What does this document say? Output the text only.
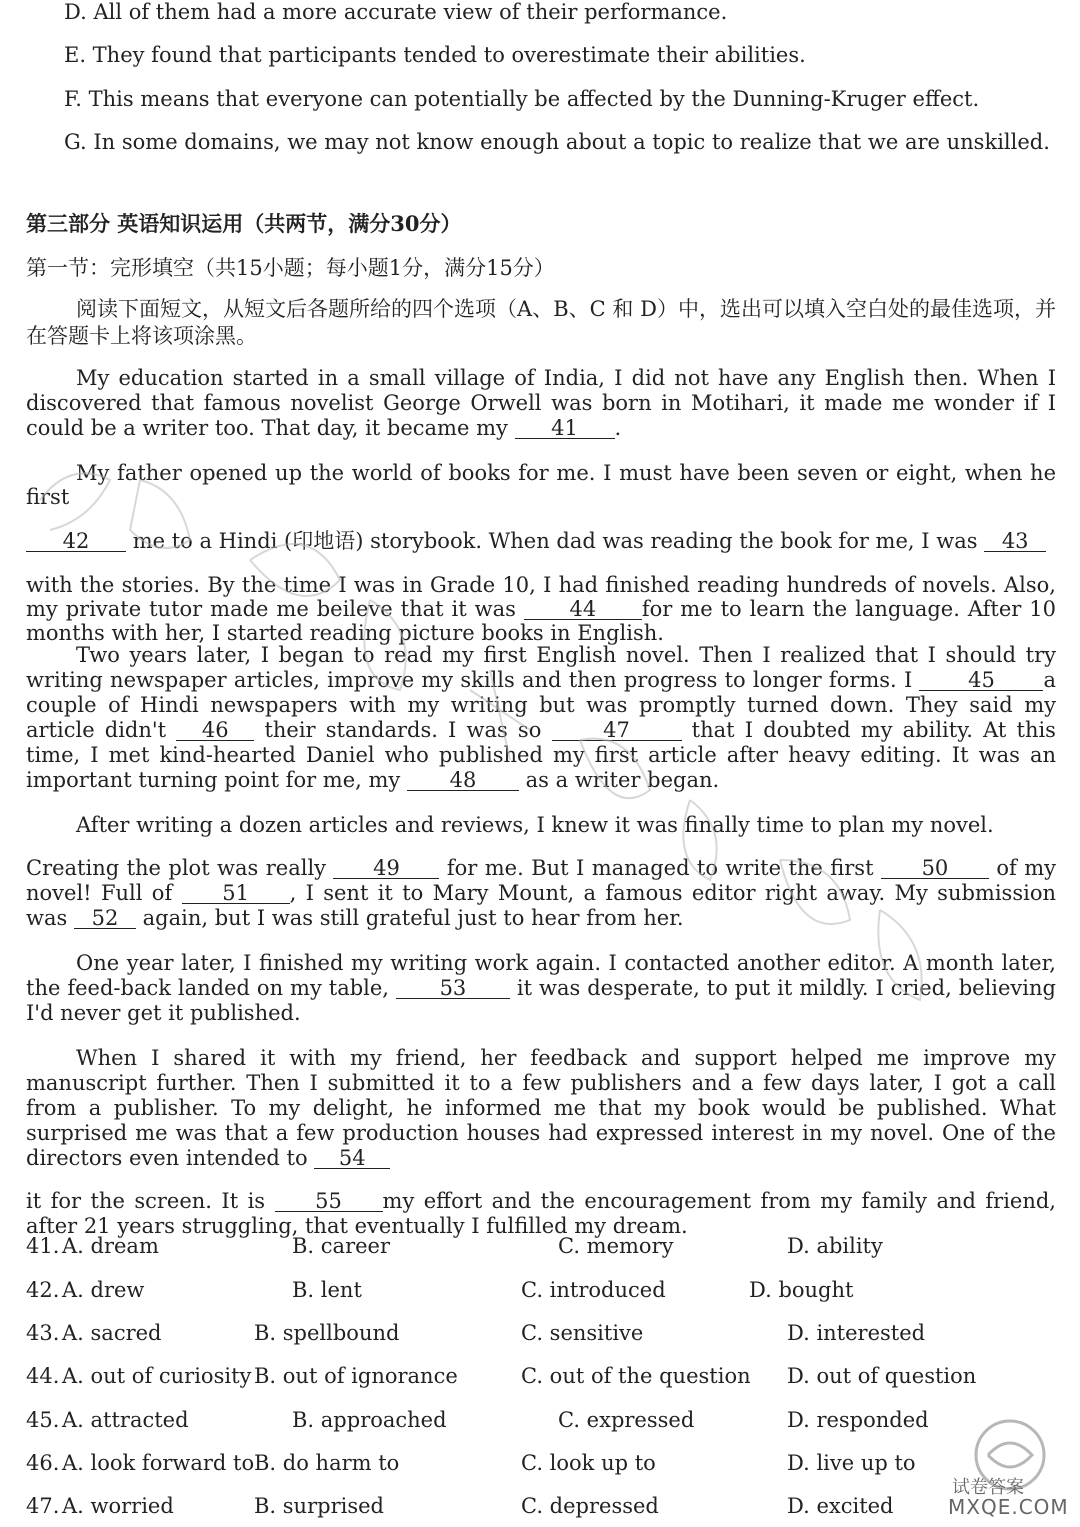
D. All of them had a more accurate view of their performance.
E. They found that participants tended to overestimate their abilities.
F. This means that everyone can potentially be affected by the Dunning-Kruger effect.
G. In some domains, we may not know enough about a topic to realize that we are unskilled.
第三部分 英语知识运用（共两节，满分30分）
第一节：完形填空（共15小题；每小题1分，满分15分）
阅读下面短文，从短文后各题所给的四个选项（A、B、C 和 D）中，选出可以填入空白处的最佳选项，并在答题卡上将该项涂黑。
My education started in a small village of India, I did not have any English then. When I discovered that famous novelist George Orwell was born in Motihari, it made me wonder if I could be a writer too. That day, it became my 41 .
My father opened up the world of books for me. I must have been seven or eight, when he first
42 me to a Hindi (印地语) storybook. When dad was reading the book for me, I was 43
with the stories. By the time I was in Grade 10, I had finished reading hundreds of novels. Also, my private tutor made me beileve that it was	44 for me to learn the language. After 10 months with her, I started reading picture books in English.
Two years later, I began to read my first English novel. Then I realized that I should try writing newspaper articles, improve my skills and then progress to longer forms. I	45 a couple of Hindi newspapers with my writing but was promptly turned down. They said my article didn't 46 their standards. I was so	47	that I doubted my ability. At this time, I met kind-hearted Daniel who published my first article after heavy editing. It was an important turning point for me, my 48 as a writer began.
After writing a dozen articles and reviews, I knew it was finally time to plan my novel.
Creating the plot was really 49 for me. But I managed to write the first 50 of my novel! Full of 51 , I sent it to Mary Mount, a famous editor right away. My submission was 52 again, but I was still grateful just to hear from her.
One year later, I finished my writing work again. I contacted another editor. A month later, the feed-back landed on my table, 53 it was desperate, to put it mildly. I cried, believing I'd never get it published.
When I shared it with my friend, her feedback and support helped me improve my manuscript further. Then I submitted it to a few publishers and a few days later, I got a call from a publisher. To my delight, he informed me that my book would be published. What surprised me was that a few production houses had expressed interest in my novel. One of the directors even intended to 54
it for the screen. It is 55 my effort and the encouragement from my family and friend, after 21 years struggling, that eventually I fulfilled my dream.
41. A. dream	B. career	C. memory	D. ability
42. A. drew	B. lent	C. introduced	D. bought
43. A. sacred	B. spellbound	C. sensitive	D. interested
44. A. out of curiosity B. out of ignorance	C. out of the question D. out of question
45. A. attracted	B. approached	C. expressed	D. responded
46. A. look forward to B. do harm to	C. look up to	D. live up to
47. A. worried	B. surprised	C. depressed	D. excited
试卷答案
MXQE.COM
